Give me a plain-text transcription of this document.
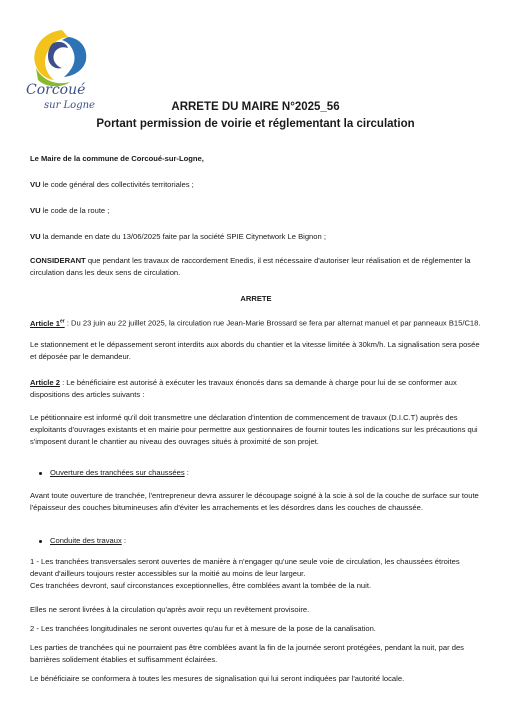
Corcoué
sur Logne	ARRETE DU MAIRE N°2025_56
Portant permission de voirie et réglementant la circulation
Le Maire de la commune de Corcoué-sur-Logne,
VU le code général des collectivités territoriales ;
VU le code de la route ;
VU la demande en date du 13/06/2025 faite par la société SPIE Citynetwork Le Bignon ;
CONSIDERANT que pendant les travaux de raccordement Enedis, il est nécessaire d'autoriser leur réalisation et de réglementer la circulation dans les deux sens de circulation.
ARRETE
Article 1er : Du 23 juin au 22 juillet 2025, la circulation rue Jean-Marie Brossard se fera par alternat manuel et par panneaux B15/C18.
Le stationnement et le dépassement seront interdits aux abords du chantier et la vitesse limitée à 30km/h. La signalisation sera posée et déposée par le demandeur.
Article 2 : Le bénéficiaire est autorisé à exécuter les travaux énoncés dans sa demande à charge pour lui de se conformer aux dispositions des articles suivants :
Le pétitionnaire est informé qu'il doit transmettre une déclaration d'intention de commencement de travaux (D.I.C.T) auprès des exploitants d'ouvrages existants et en mairie pour permettre aux gestionnaires de fournir toutes les indications sur les précautions qui s'imposent durant le chantier au niveau des ouvrages situés à proximité de son projet.
Ouverture des tranchées sur chaussées :
Avant toute ouverture de tranchée, l'entrepreneur devra assurer le découpage soigné à la scie à sol de la couche de surface sur toute l'épaisseur des couches bitumineuses afin d'éviter les arrachements et les désordres dans les couches de chaussée.
Conduite des travaux :
1 - Les tranchées transversales seront ouvertes de manière à n'engager qu'une seule voie de circulation, les chaussées étroites devant d'ailleurs toujours rester accessibles sur la moitié au moins de leur largeur.
Ces tranchées devront, sauf circonstances exceptionnelles, être comblées avant la tombée de la nuit.
Elles ne seront livrées à la circulation qu'après avoir reçu un revêtement provisoire.
2 - Les tranchées longitudinales ne seront ouvertes qu'au fur et à mesure de la pose de la canalisation.
Les parties de tranchées qui ne pourraient pas être comblées avant la fin de la journée seront protégées, pendant la nuit, par des barrières solidement établies et suffisamment éclairées.
Le bénéficiaire se conformera à toutes les mesures de signalisation qui lui seront indiquées par l'autorité locale.
